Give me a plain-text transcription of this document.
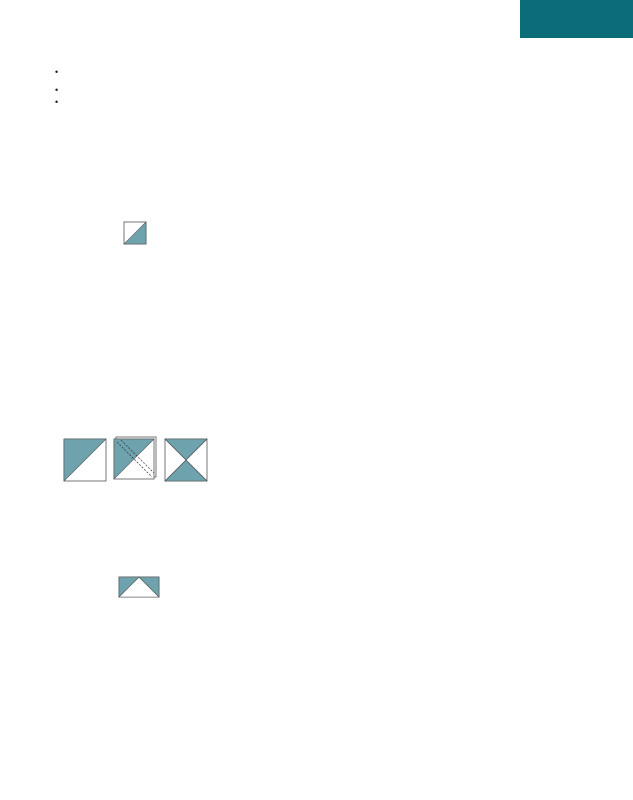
•
•
•
